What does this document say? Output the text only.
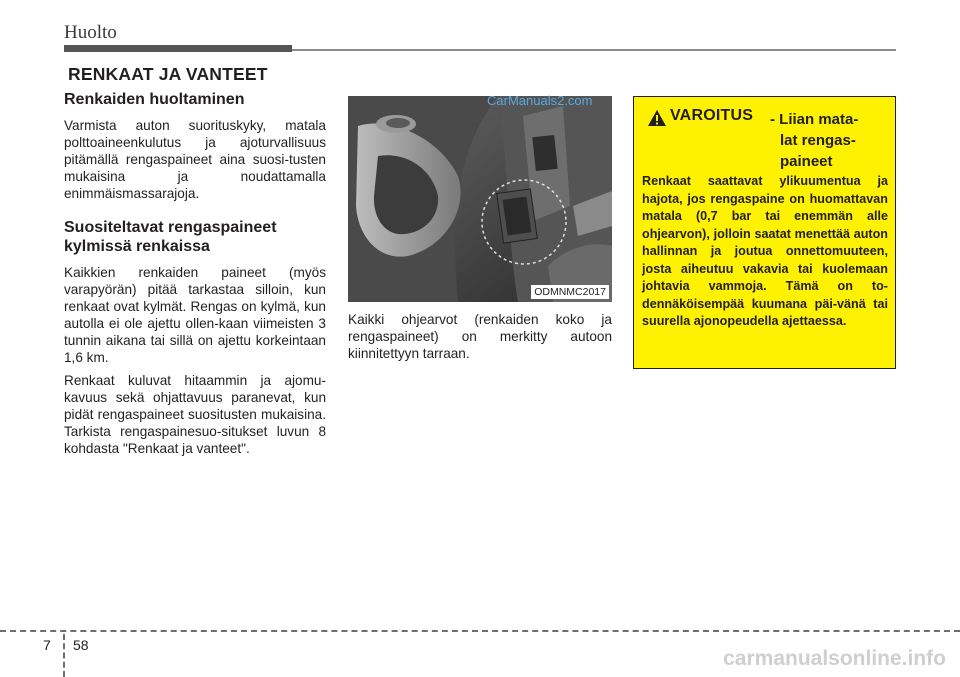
Huolto
RENKAAT JA VANTEET
Renkaiden huoltaminen

Varmista auton suorituskyky, matala polttoaineenkulutus ja ajoturvallisuus pitämällä rengaspaineet aina suosi-tusten mukaisina ja noudattamalla enimmäismassarajoja.

Suositeltavat rengaspaineet kylmissä renkaissa

Kaikkien renkaiden paineet (myös varapyörän) pitää tarkastaa silloin, kun renkaat ovat kylmät. Rengas on kylmä, kun autolla ei ole ajettu ollen-kaan viimeisten 3 tunnin aikana tai sillä on ajettu korkeintaan 1,6 km.

Renkaat kuluvat hitaammin ja ajomu-kavuus sekä ohjattavuus paranevat, kun pidät rengaspaineet suositusten mukaisina. Tarkista rengaspainesuo-situkset luvun 8 kohdasta "Renkaat ja vanteet".

ODMNMC2017
CarManuals2.com

Kaikki ohjearvot (renkaiden koko ja rengaspaineet) on merkitty autoon kiinnitettyyn tarraan.

VAROITUS - Liian mata-
lat rengas-
paineet

Renkaat saattavat ylikuumentua ja hajota, jos rengaspaine on huomattavan matala (0,7 bar tai enemmän alle ohjearvon), jolloin saatat menettää auton hallinnan ja joutua onnettomuuteen, josta aiheutuu vakavia tai kuolemaan johtavia vammoja. Tämä on to-dennäköisempää kuumana päi-vänä tai suurella ajonopeudella ajettaessa.

7 58
carmanualsonline.info
